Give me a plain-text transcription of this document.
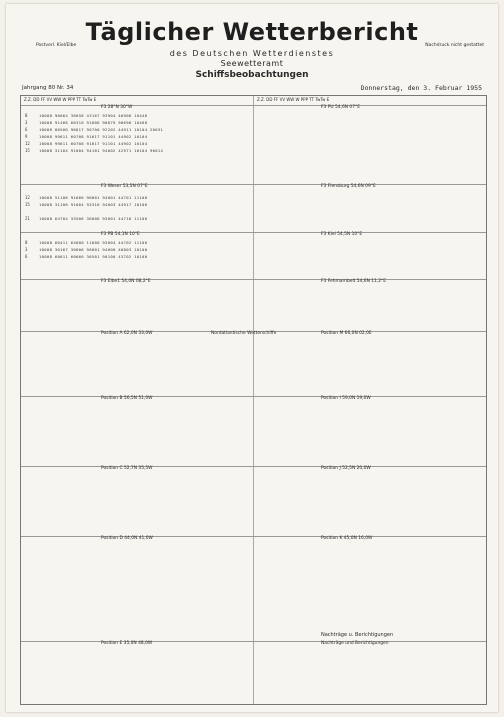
Täglicher Wetterbericht
des Deutschen Wetterdienstes
Seewetteramt
Postverl. Kiel/Elbe	Nachdruck nicht gestattet
Schiffsbeobachtungen
Jahrgang 80 Nr. 34	Donnerstag, den 3. Februar 1955
Z.Z. DD FF VV WW W PPP TT TwTw E	Z.Z. DD FF VV WW W PPP TT TwTw E
F3 28°N 30°W	F3 PU 54,6N 07°E
0	10008 96664 36658 43167 93904 46906 10446
3	10008 91466 66316 91606 90879 90690 10468
6	10008 86500 96617 90700 92202 44911 10104 20631
9	10008 99611 60708 91617 91101 44902 10104
12 10008 99611 60708 91617 91101 44902 10104
15 10008 31104 91004 94101 94002 42971 10104 96614
F3 Weser 53,5N 07°E	F3 Flensburg 54,6N 09°E
12 10008 51106 91666 96601 94001 44701 11100
15 10008 31106 91004 93316 94003 44917 10106
21 10008 64704 33506 36606 93001 44716 11100
F3 PB 54,1N 10°E	F3 Kiel 54,5N 10°E
0	10008 60411 64600 11600 93004 44702 11100
3	10008 30167 30606 96601 94000 46803 10100
6	10008 60611 60660 36501 90100 43702 10100
F3 Elbe1 54,0N 08,2°E	F3 Fehmarnbelt 54,6N 11,2°E
Position A 62,0N 33,0W	Nordatlantische Wetterschiffe	Position M 66,0N 02,0E
Position B 56,5N 51,0W	Position I 59,0N 19,0W
Position C 52,7N 35,5W	Position J 52,5N 20,0W
Position D 44,0N 41,0W	Position K 45,0N 16,0W
Position E 35,0N 48,0W	Nachträge und Berichtigungen
Nachträge u. Berichtigungen
